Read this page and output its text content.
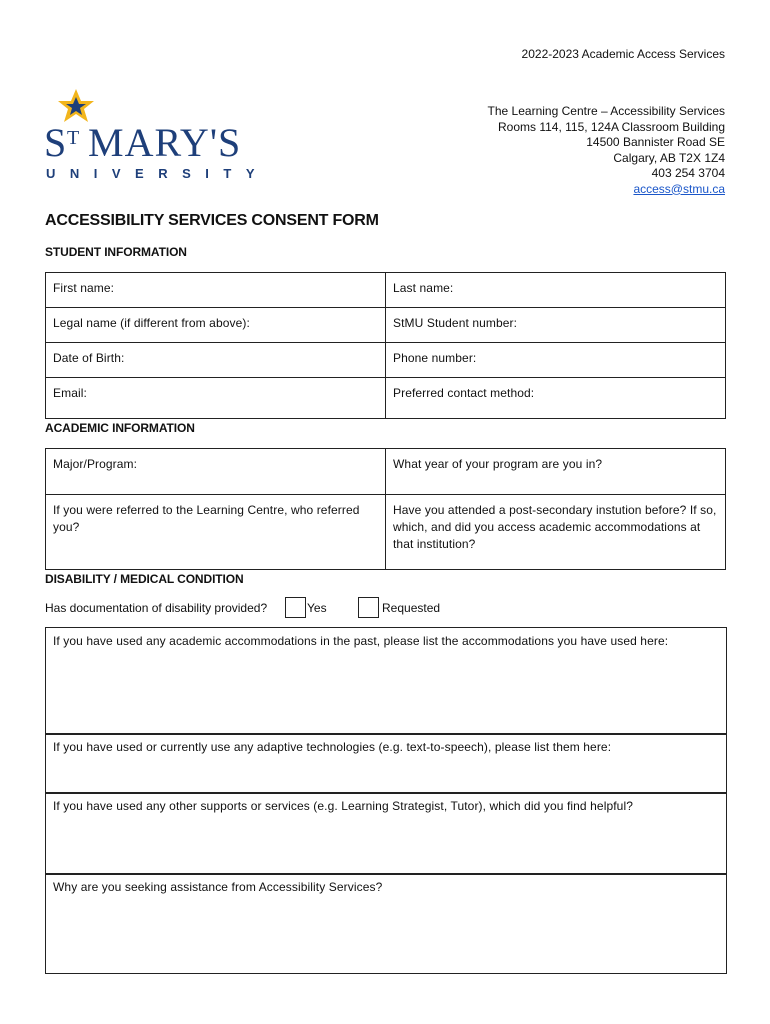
2022-2023 Academic Access Services
S T MARY'S
UNIVERSITY
The Learning Centre – Accessibility Services
Rooms 114, 115, 124A Classroom Building
14500 Bannister Road SE
Calgary, AB T2X 1Z4
403 254 3704
access@stmu.ca
ACCESSIBILITY SERVICES CONSENT FORM
STUDENT INFORMATION
First name:	Last name:
Legal name (if different from above):	StMU Student number:
Date of Birth:	Phone number:
Email:	Preferred contact method:
ACADEMIC INFORMATION
Major/Program:	What year of your program are you in?
If you were referred to the Learning Centre, who referred you?	Have you attended a post-secondary instution before? If so, which, and did you access academic accommodations at that institution?
DISABILITY / MEDICAL CONDITION
Has documentation of disability provided?	Yes	Requested
If you have used any academic accommodations in the past, please list the accommodations you have used here:
If you have used or currently use any adaptive technologies (e.g. text-to-speech), please list them here:
If you have used any other supports or services (e.g. Learning Strategist, Tutor), which did you find helpful?
Why are you seeking assistance from Accessibility Services?
